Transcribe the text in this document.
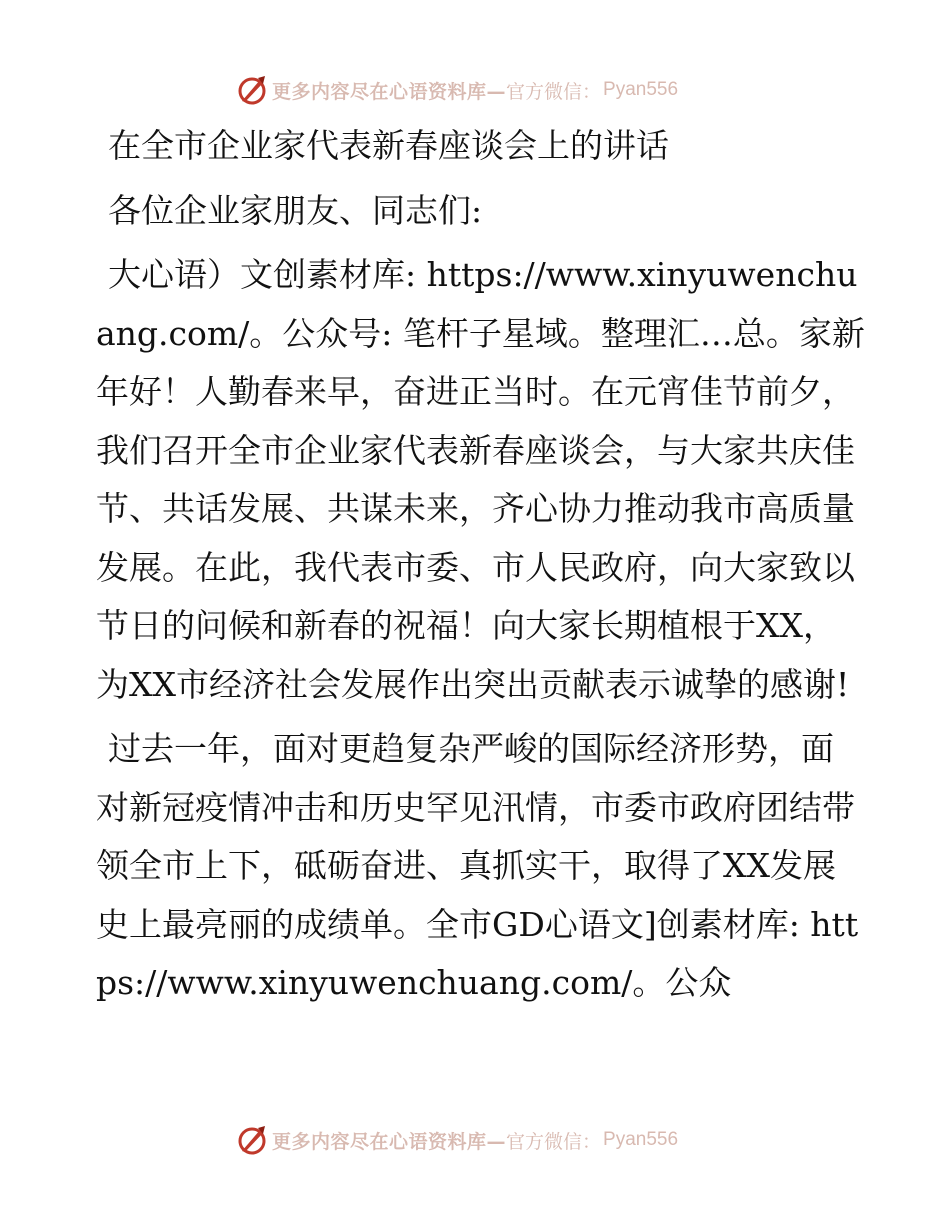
更多内容尽在心语资料库— 官方微信： Pyan556
在全市企业家代表新春座谈会上的讲话
各位企业家朋友、同志们:
大心语）文创素材库: https://www.xinyuwenchuang.com/。公众号: 笔杆子星域。整理汇…总。家新年好！人勤春来早，奋进正当时。在元宵佳节前夕，我们召开全市企业家代表新春座谈会，与大家共庆佳节、共话发展、共谋未来，齐心协力推动我市高质量发展。在此，我代表市委、市人民政府，向大家致以节日的问候和新春的祝福！向大家长期植根于XX，为XX市经济社会发展作出突出贡献表示诚挚的感谢!
过去一年，面对更趋复杂严峻的国际经济形势，面对新冠疫情冲击和历史罕见汛情，市委市政府团结带领全市上下，砥砺奋进、真抓实干，取得了XX发展史上最亮丽的成绩单。全市GD心语文]创素材库: https://www.xinyuwenchuang.com/。公众
更多内容尽在心语资料库— 官方微信： Pyan556
